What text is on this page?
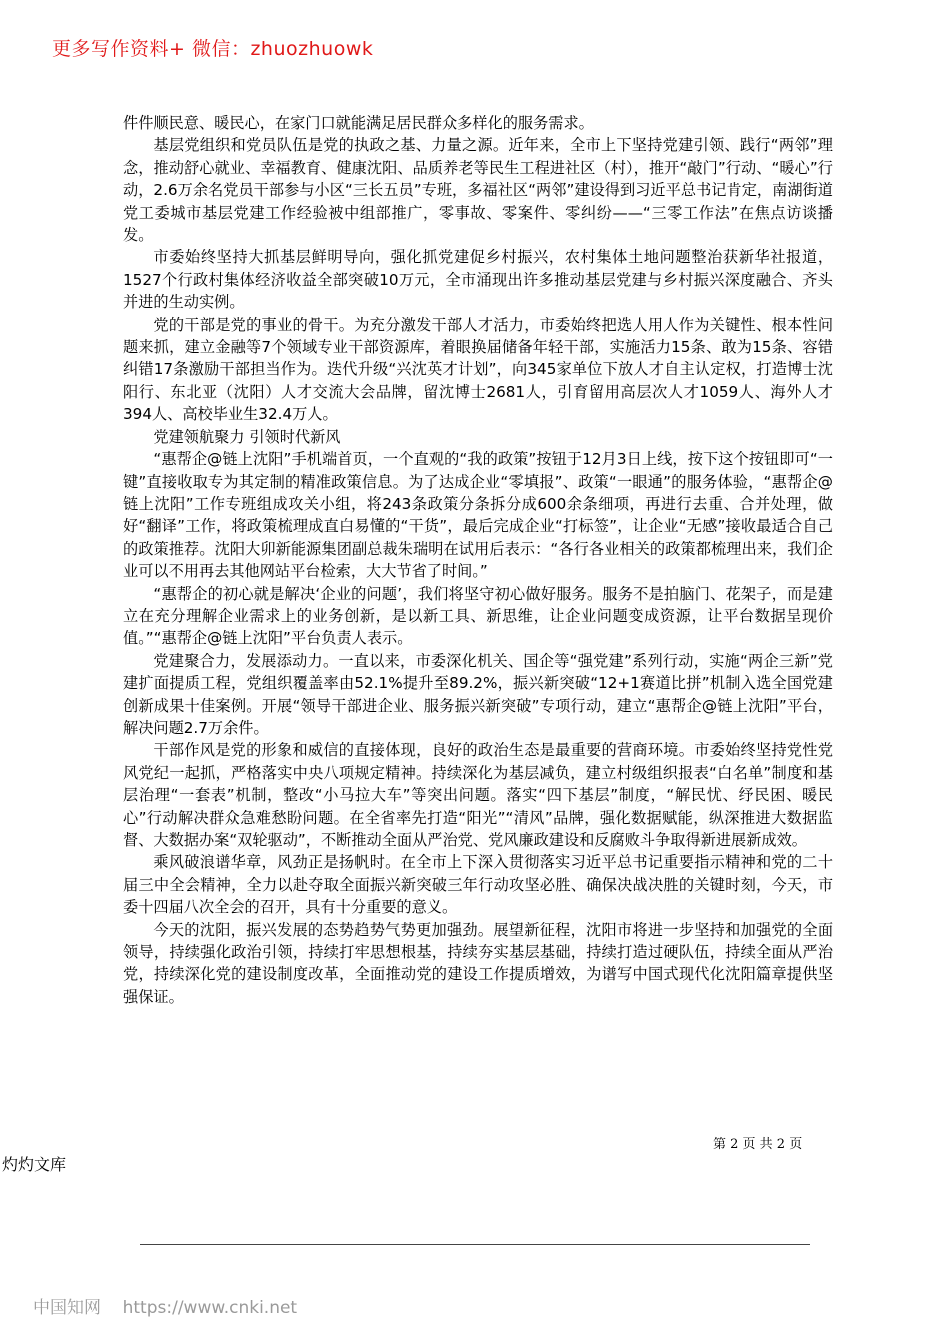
更多写作资料+ 微信：zhuozhuowk

件件顺民意、暖民心，在家门口就能满足居民群众多样化的服务需求。

基层党组织和党员队伍是党的执政之基、力量之源。近年来，全市上下坚持党建引领、践行“两邻”理念，推动舒心就业、幸福教育、健康沈阳、品质养老等民生工程进社区（村），推开“敲门”行动、“暖心”行动，2.6万余名党员干部参与小区“三长五员”专班，多福社区“两邻”建设得到习近平总书记肯定，南湖街道党工委城市基层党建工作经验被中组部推广，零事故、零案件、零纠纷——“三零工作法”在焦点访谈播发。

市委始终坚持大抓基层鲜明导向，强化抓党建促乡村振兴，农村集体土地问题整治获新华社报道，1527个行政村集体经济收益全部突破10万元，全市涌现出许多推动基层党建与乡村振兴深度融合、齐头并进的生动实例。

党的干部是党的事业的骨干。为充分激发干部人才活力，市委始终把选人用人作为关键性、根本性问题来抓，建立金融等7个领域专业干部资源库，着眼换届储备年轻干部，实施活力15条、敢为15条、容错纠错17条激励干部担当作为。迭代升级“兴沈英才计划”，向345家单位下放人才自主认定权，打造博士沈阳行、东北亚（沈阳）人才交流大会品牌，留沈博士2681人，引育留用高层次人才1059人、海外人才394人、高校毕业生32.4万人。

党建领航聚力 引领时代新风

“惠帮企@链上沈阳”手机端首页，一个直观的“我的政策”按钮于12月3日上线，按下这个按钮即可“一键”直接收取专为其定制的精准政策信息。为了达成企业“零填报”、政策“一眼通”的服务体验，“惠帮企@链上沈阳”工作专班组成攻关小组，将243条政策分条拆分成600余条细项，再进行去重、合并处理，做好“翻译”工作，将政策梳理成直白易懂的“干货”，最后完成企业“打标签”，让企业“无感”接收最适合自己的政策推荐。沈阳大卯新能源集团副总裁朱瑞明在试用后表示：“各行各业相关的政策都梳理出来，我们企业可以不用再去其他网站平台检索，大大节省了时间。”

“惠帮企的初心就是解决‘企业的问题’，我们将坚守初心做好服务。服务不是拍脑门、花架子，而是建立在充分理解企业需求上的业务创新，是以新工具、新思维，让企业问题变成资源，让平台数据呈现价值。”“惠帮企@链上沈阳”平台负责人表示。

党建聚合力，发展添动力。一直以来，市委深化机关、国企等“强党建”系列行动，实施“两企三新”党建扩面提质工程，党组织覆盖率由52.1%提升至89.2%，振兴新突破“12+1赛道比拼”机制入选全国党建创新成果十佳案例。开展“领导干部进企业、服务振兴新突破”专项行动，建立“惠帮企@链上沈阳”平台，解决问题2.7万余件。

干部作风是党的形象和威信的直接体现，良好的政治生态是最重要的营商环境。市委始终坚持党性党风党纪一起抓，严格落实中央八项规定精神。持续深化为基层减负，建立村级组织报表“白名单”制度和基层治理“一套表”机制，整改“小马拉大车”等突出问题。落实“四下基层”制度，“解民忧、纾民困、暖民心”行动解决群众急难愁盼问题。在全省率先打造“阳光”“清风”品牌，强化数据赋能，纵深推进大数据监督、大数据办案“双轮驱动”，不断推动全面从严治党、党风廉政建设和反腐败斗争取得新进展新成效。

乘风破浪谱华章，风劲正是扬帆时。在全市上下深入贯彻落实习近平总书记重要指示精神和党的二十届三中全会精神，全力以赴夺取全面振兴新突破三年行动攻坚必胜、确保决战决胜的关键时刻，今天，市委十四届八次全会的召开，具有十分重要的意义。

今天的沈阳，振兴发展的态势趋势气势更加强劲。展望新征程，沈阳市将进一步坚持和加强党的全面领导，持续强化政治引领，持续打牢思想根基，持续夯实基层基础，持续打造过硬队伍，持续全面从严治党，持续深化党的建设制度改革，全面推动党的建设工作提质增效，为谱写中国式现代化沈阳篇章提供坚强保证。

第 2 页 共 2 页
灼灼文库
中国知网    https://www.cnki.net
